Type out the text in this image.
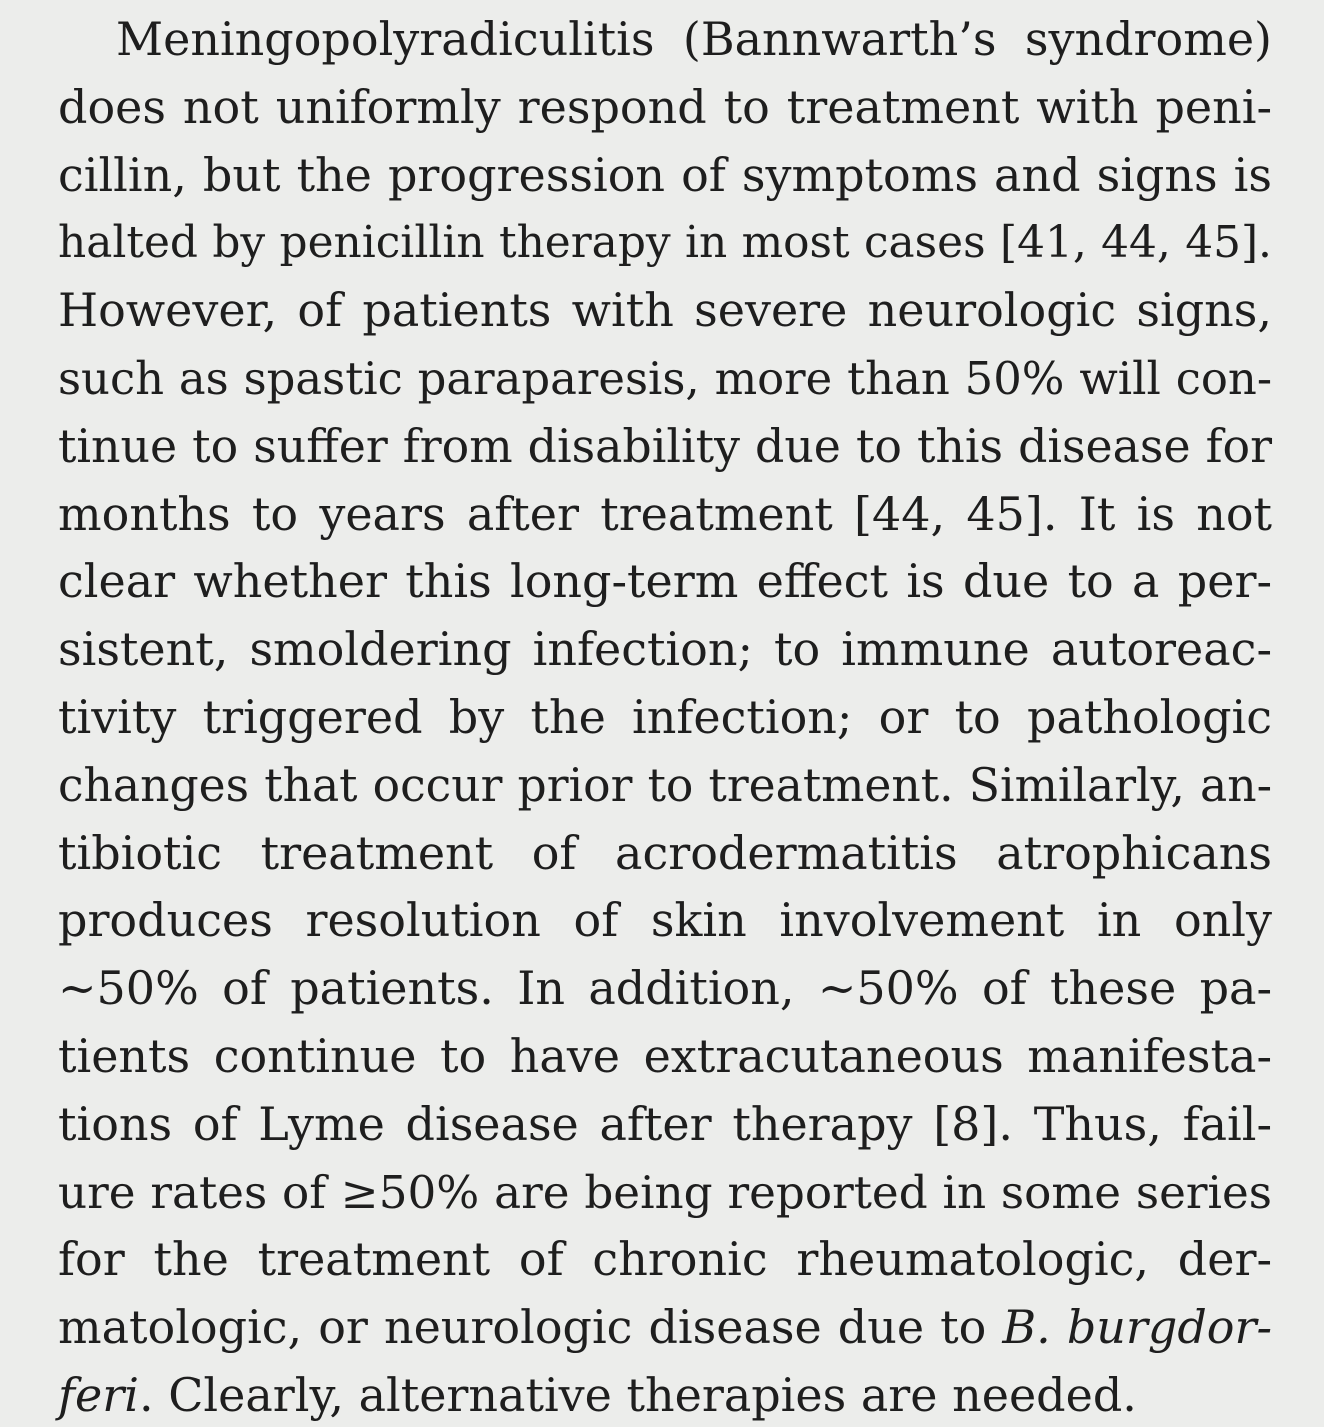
Meningopolyradiculitis (Bannwarth’s syndrome)
does not uniformly respond to treatment with peni-
cillin, but the progression of symptoms and signs is
halted by penicillin therapy in most cases [41, 44, 45].
However, of patients with severe neurologic signs,
such as spastic paraparesis, more than 50% will con-
tinue to suffer from disability due to this disease for
months to years after treatment [44, 45]. It is not
clear whether this long-term effect is due to a per-
sistent, smoldering infection; to immune autoreac-
tivity triggered by the infection; or to pathologic
changes that occur prior to treatment. Similarly, an-
tibiotic treatment of acrodermatitis atrophicans
produces resolution of skin involvement in only
~50% of patients. In addition, ~50% of these pa-
tients continue to have extracutaneous manifesta-
tions of Lyme disease after therapy [8]. Thus, fail-
ure rates of ≥50% are being reported in some series
for the treatment of chronic rheumatologic, der-
matologic, or neurologic disease due to B. burgdor-
feri. Clearly, alternative therapies are needed.
